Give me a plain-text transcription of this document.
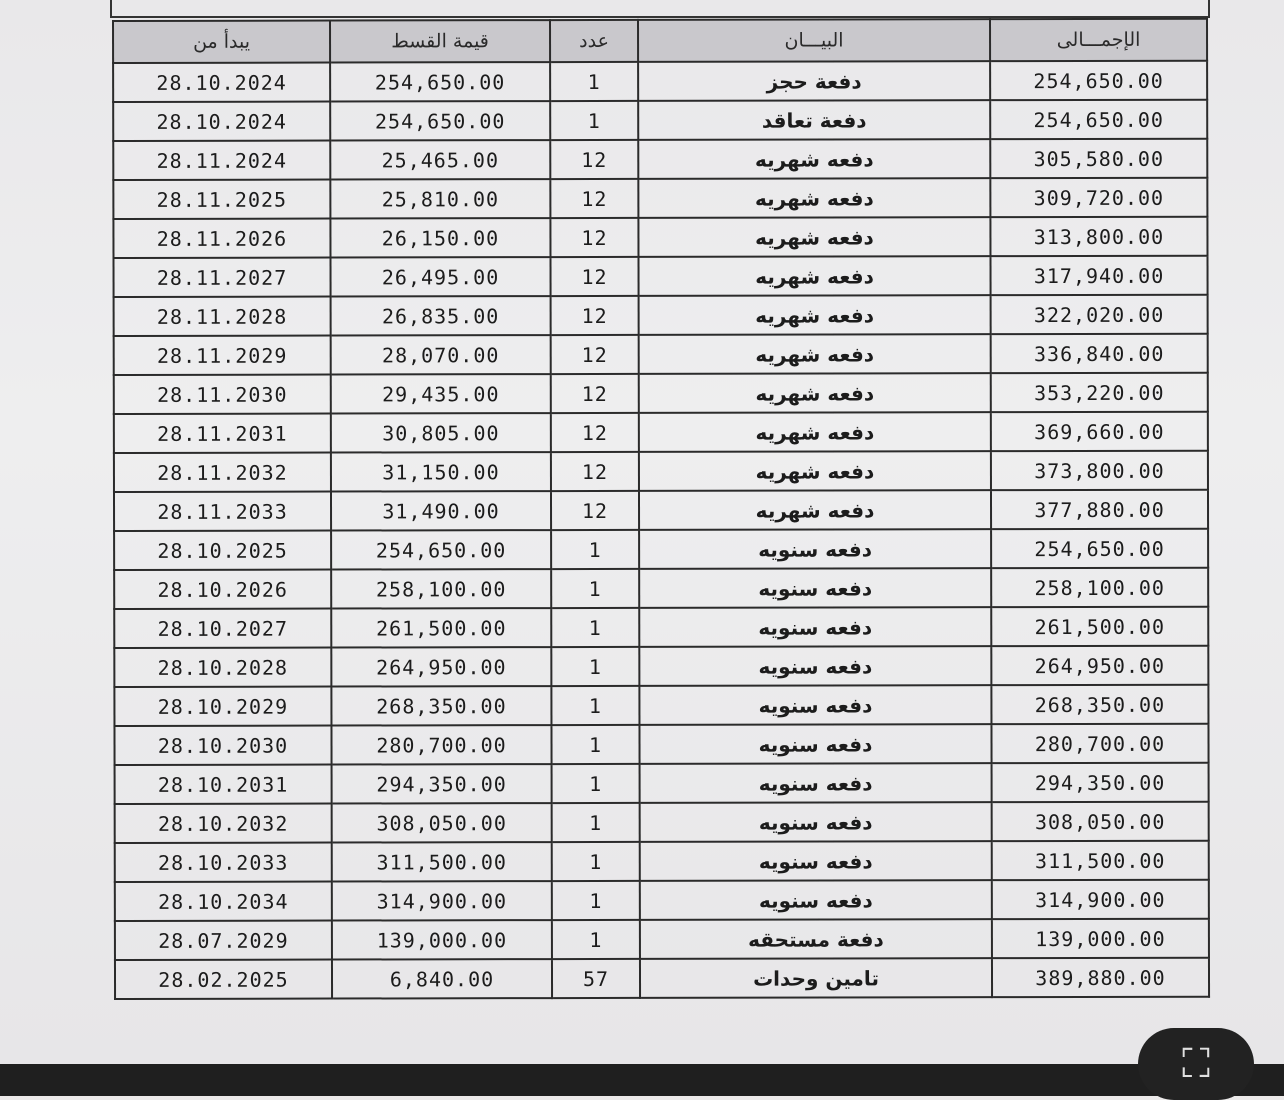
يبدأ من	قيمة القسط	عدد	البيـــان	الإجمـــالى
28.10.2024	254,650.00	1	دفعة حجز	254,650.00
28.10.2024	254,650.00	1	دفعة تعاقد	254,650.00
28.11.2024	25,465.00	12	دفعه شهريه	305,580.00
28.11.2025	25,810.00	12	دفعه شهريه	309,720.00
28.11.2026	26,150.00	12	دفعه شهريه	313,800.00
28.11.2027	26,495.00	12	دفعه شهريه	317,940.00
28.11.2028	26,835.00	12	دفعه شهريه	322,020.00
28.11.2029	28,070.00	12	دفعه شهريه	336,840.00
28.11.2030	29,435.00	12	دفعه شهريه	353,220.00
28.11.2031	30,805.00	12	دفعه شهريه	369,660.00
28.11.2032	31,150.00	12	دفعه شهريه	373,800.00
28.11.2033	31,490.00	12	دفعه شهريه	377,880.00
28.10.2025	254,650.00	1	دفعه سنويه	254,650.00
28.10.2026	258,100.00	1	دفعه سنويه	258,100.00
28.10.2027	261,500.00	1	دفعه سنويه	261,500.00
28.10.2028	264,950.00	1	دفعه سنويه	264,950.00
28.10.2029	268,350.00	1	دفعه سنويه	268,350.00
28.10.2030	280,700.00	1	دفعه سنويه	280,700.00
28.10.2031	294,350.00	1	دفعه سنويه	294,350.00
28.10.2032	308,050.00	1	دفعه سنويه	308,050.00
28.10.2033	311,500.00	1	دفعه سنويه	311,500.00
28.10.2034	314,900.00	1	دفعه سنويه	314,900.00
28.07.2029	139,000.00	1	دفعة مستحقه	139,000.00
28.02.2025	6,840.00	57	تامين وحدات	389,880.00
⛶
